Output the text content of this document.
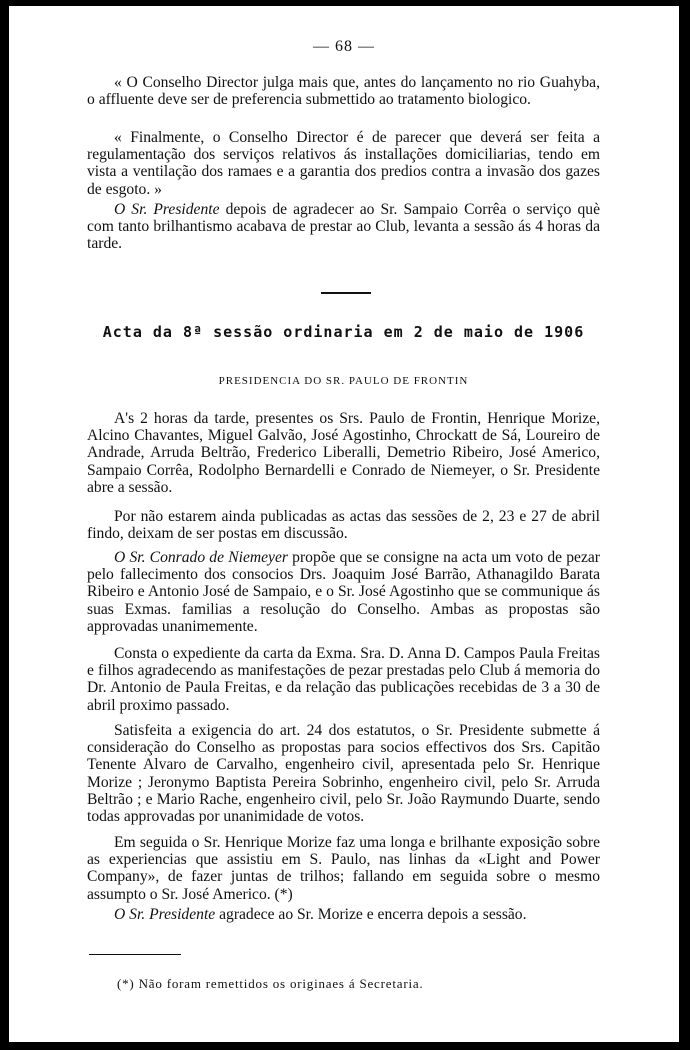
— 68 —

« O Conselho Director julga mais que, antes do lançamento no rio Guahyba, o affluente deve ser de preferencia submettido ao tratamento biologico.

« Finalmente, o Conselho Director é de parecer que deverá ser feita a regulamentação dos serviços relativos ás installações domiciliarias, tendo em vista a ventilação dos ramaes e a garantia dos predios contra a invasão dos gazes de esgoto. »

O Sr. Presidente depois de agradecer ao Sr. Sampaio Corrêa o serviço què com tanto brilhantismo acabava de prestar ao Club, levanta a sessão ás 4 horas da tarde.

Acta da 8ª sessão ordinaria em 2 de maio de 1906
PRESIDENCIA DO SR. PAULO DE FRONTIN

A's 2 horas da tarde, presentes os Srs. Paulo de Frontin, Henrique Morize, Alcino Chavantes, Miguel Galvão, José Agostinho, Chrockatt de Sá, Loureiro de Andrade, Arruda Beltrão, Frederico Liberalli, Demetrio Ribeiro, José Americo, Sampaio Corrêa, Rodolpho Bernardelli e Conrado de Niemeyer, o Sr. Presidente abre a sessão.

Por não estarem ainda publicadas as actas das sessões de 2, 23 e 27 de abril findo, deixam de ser postas em discussão.

O Sr. Conrado de Niemeyer propõe que se consigne na acta um voto de pezar pelo fallecimento dos consocios Drs. Joaquim José Barrão, Athanagildo Barata Ribeiro e Antonio José de Sampaio, e o Sr. José Agostinho que se communique ás suas Exmas. familias a resolução do Conselho. Ambas as propostas são approvadas unanimemente.

Consta o expediente da carta da Exma. Sra. D. Anna D. Campos Paula Freitas e filhos agradecendo as manifestações de pezar prestadas pelo Club á memoria do Dr. Antonio de Paula Freitas, e da relação das publicações recebidas de 3 a 30 de abril proximo passado.

Satisfeita a exigencia do art. 24 dos estatutos, o Sr. Presidente submette á consideração do Conselho as propostas para socios effectivos dos Srs. Capitão Tenente Alvaro de Carvalho, engenheiro civil, apresentada pelo Sr. Henrique Morize ; Jeronymo Baptista Pereira Sobrinho, engenheiro civil, pelo Sr. Arruda Beltrão ; e Mario Rache, engenheiro civil, pelo Sr. João Raymundo Duarte, sendo todas approvadas por unanimidade de votos.

Em seguida o Sr. Henrique Morize faz uma longa e brilhante exposição sobre as experiencias que assistiu em S. Paulo, nas linhas da «Light and Power Company», de fazer juntas de trilhos; fallando em seguida sobre o mesmo assumpto o Sr. José Americo. (*)

O Sr. Presidente agradece ao Sr. Morize e encerra depois a sessão.

(*) Não foram remettidos os originaes á Secretaria.
